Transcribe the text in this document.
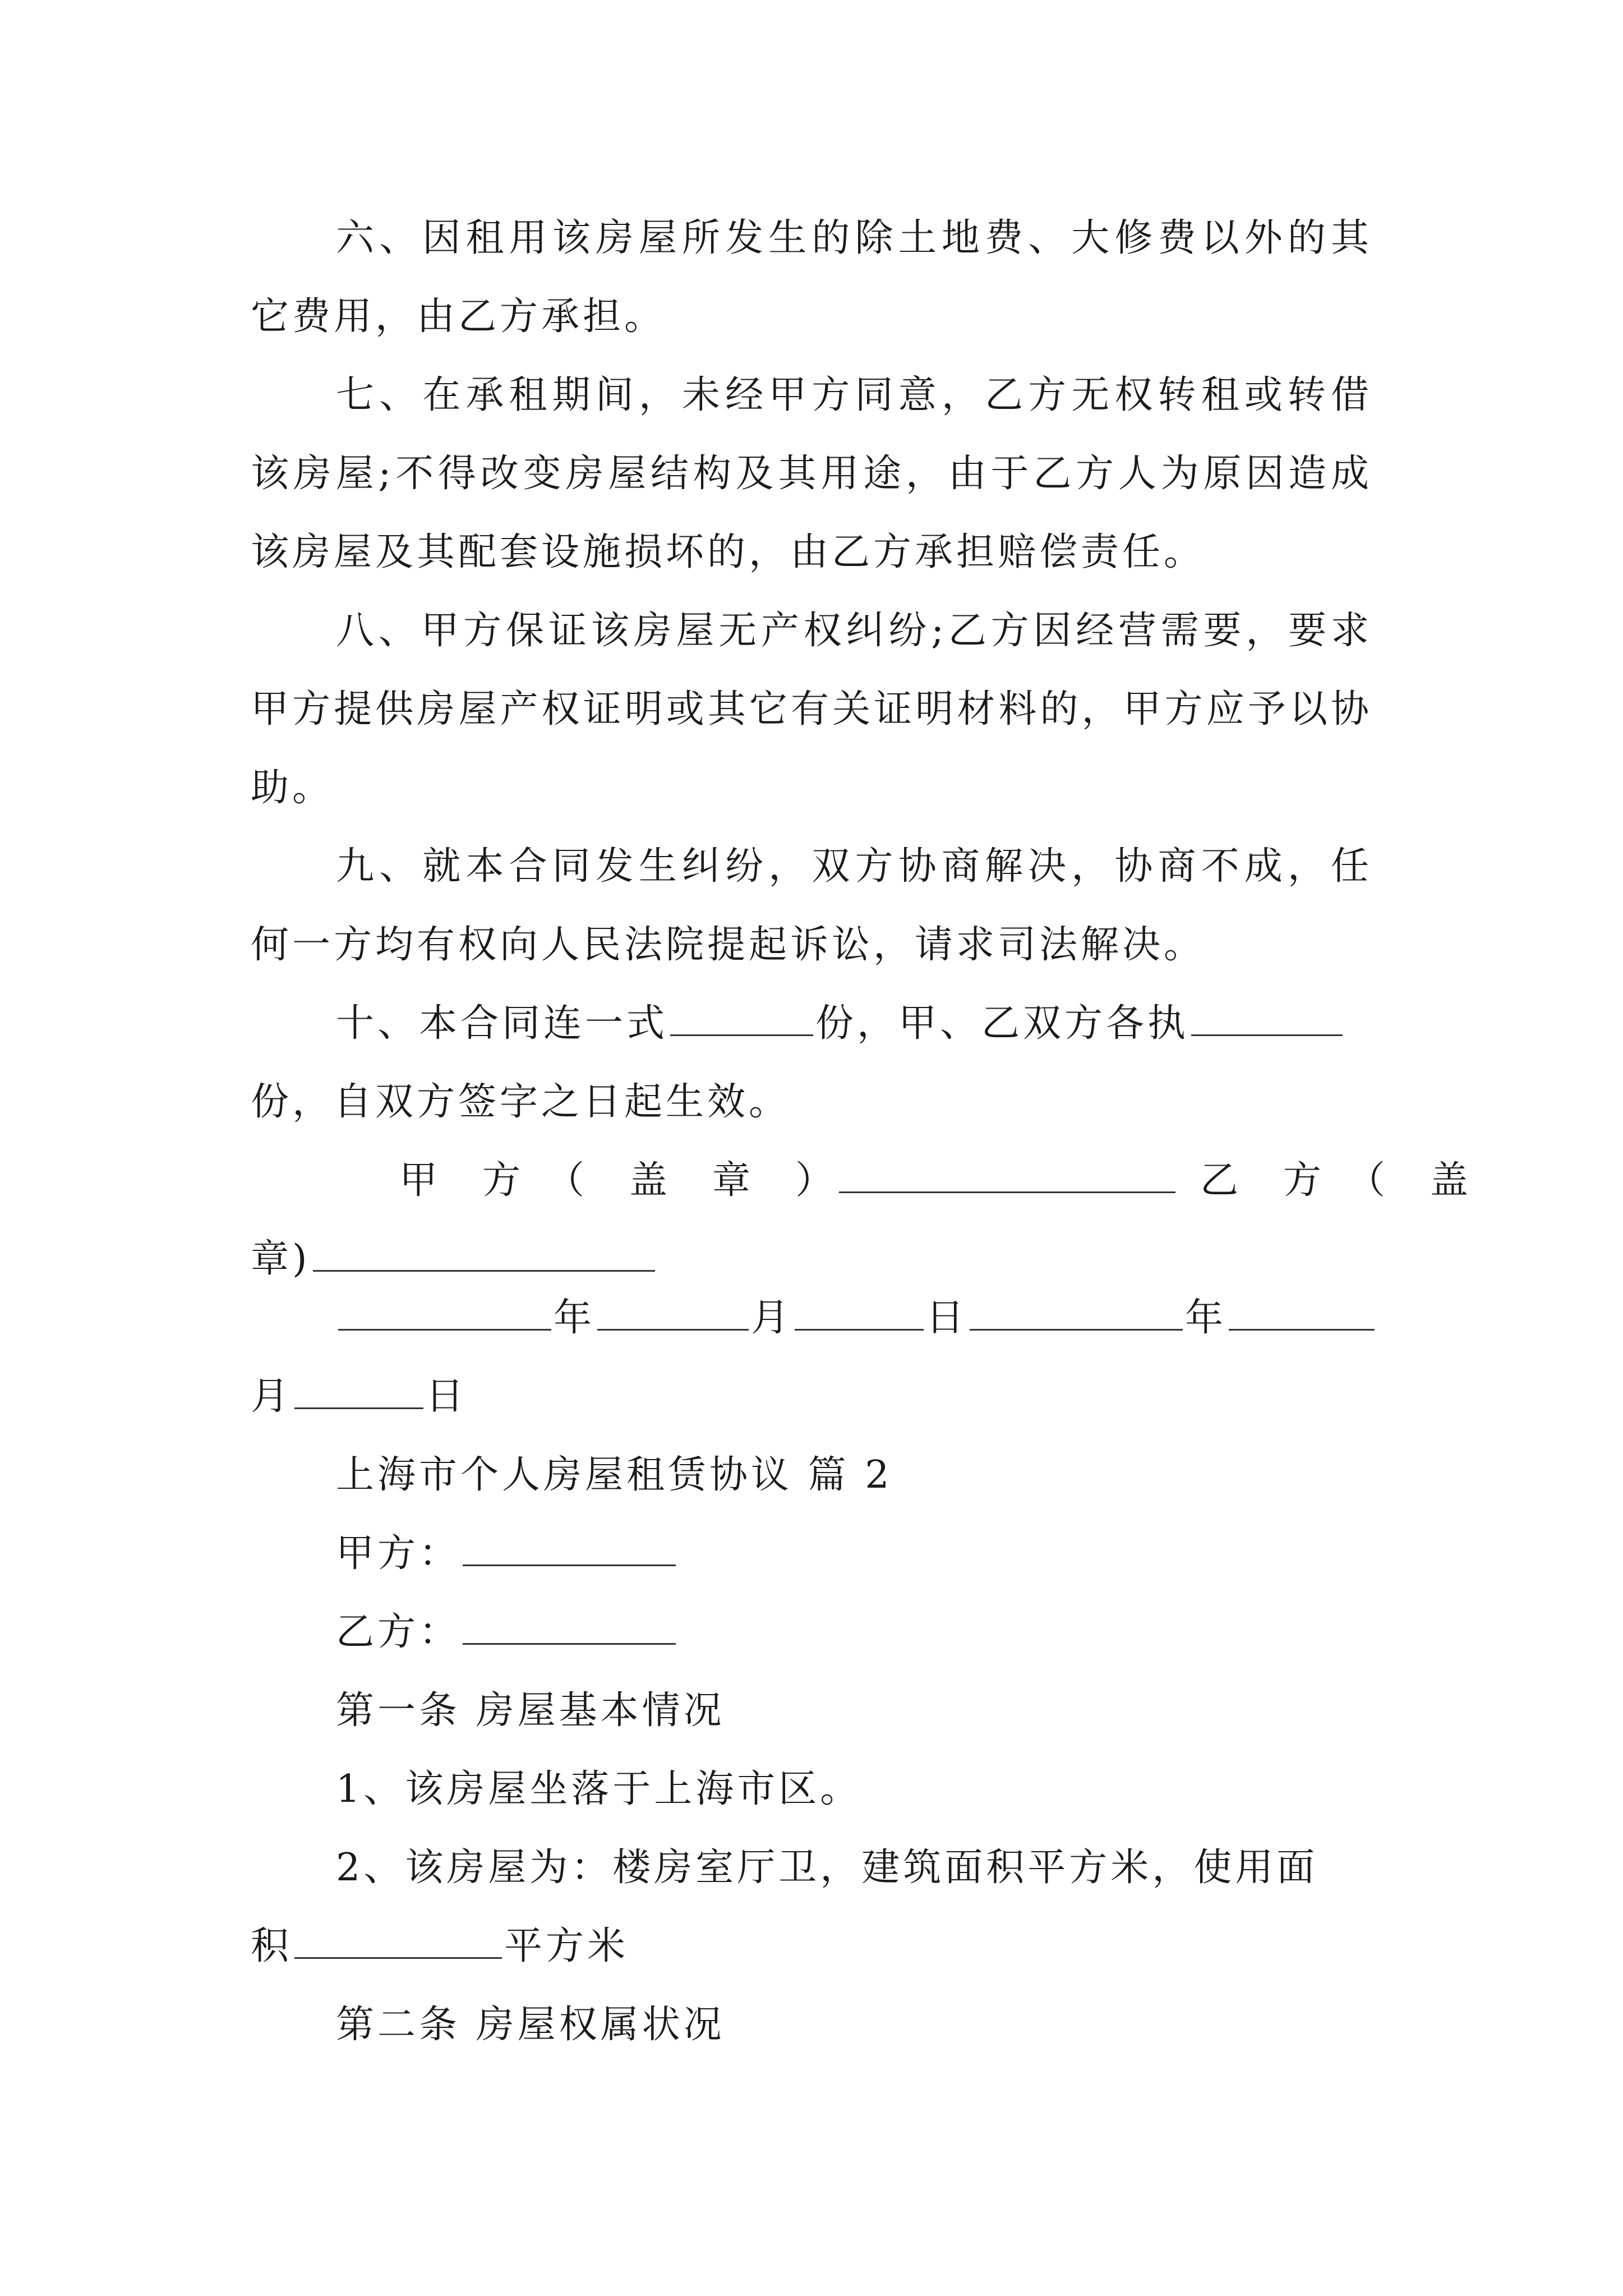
六、因租用该房屋所发生的除土地费、大修费以外的其它费用，由乙方承担。

七、在承租期间，未经甲方同意，乙方无权转租或转借该房屋;不得改变房屋结构及其用途，由于乙方人为原因造成该房屋及其配套设施损坏的，由乙方承担赔偿责任。

八、甲方保证该房屋无产权纠纷;乙方因经营需要，要求甲方提供房屋产权证明或其它有关证明材料的，甲方应予以协助。

九、就本合同发生纠纷，双方协商解决，协商不成，任何一方均有权向人民法院提起诉讼，请求司法解决。

十、本合同连一式	份，甲、乙双方各执
份，自双方签字之日起生效。
甲　方　（　盖　章　）	乙　方　（　盖
章)
年	月	日	年
月	日
上海市个人房屋租赁协议 篇 2
甲方：
乙方：
第一条 房屋基本情况
1、该房屋坐落于上海市区。
2、该房屋为：楼房室厅卫，建筑面积平方米，使用面
积	平方米
第二条 房屋权属状况
